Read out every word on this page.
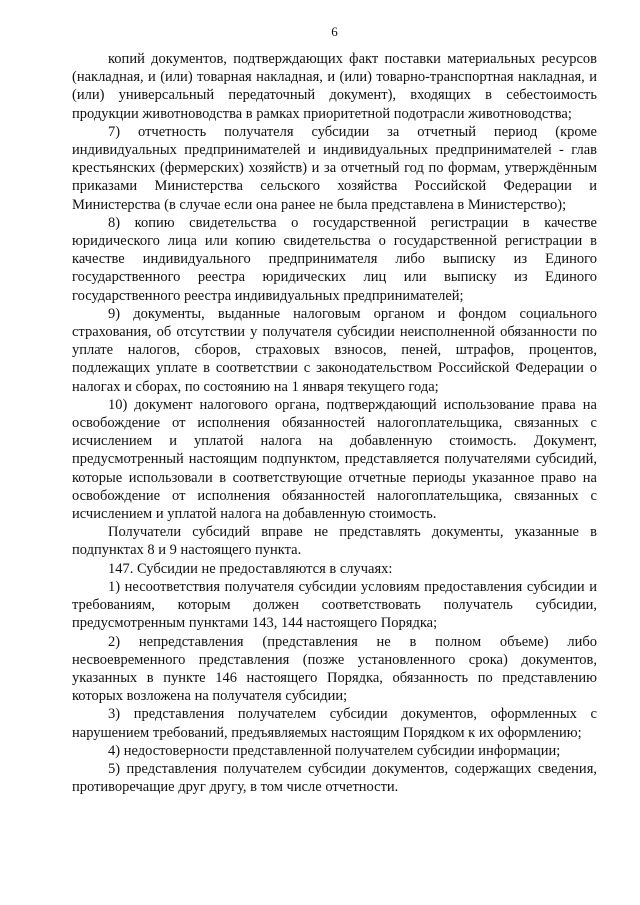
6

копий документов, подтверждающих факт поставки материальных ресурсов (накладная, и (или) товарная накладная, и (или) товарно-транспортная накладная, и (или) универсальный передаточный документ), входящих в себестоимость продукции животноводства в рамках приоритетной подотрасли животноводства;

7) отчетность получателя субсидии за отчетный период (кроме индивидуальных предпринимателей и индивидуальных предпринимателей - глав крестьянских (фермерских) хозяйств) и за отчетный год по формам, утверждённым приказами Министерства сельского хозяйства Российской Федерации и Министерства (в случае если она ранее не была представлена в Министерство);

8) копию свидетельства о государственной регистрации в качестве юридического лица или копию свидетельства о государственной регистрации в качестве индивидуального предпринимателя либо выписку из Единого государственного реестра юридических лиц или выписку из Единого государственного реестра индивидуальных предпринимателей;

9) документы, выданные налоговым органом и фондом социального страхования, об отсутствии у получателя субсидии неисполненной обязанности по уплате налогов, сборов, страховых взносов, пеней, штрафов, процентов, подлежащих уплате в соответствии с законодательством Российской Федерации о налогах и сборах, по состоянию на 1 января текущего года;

10) документ налогового органа, подтверждающий использование права на освобождение от исполнения обязанностей налогоплательщика, связанных с исчислением и уплатой налога на добавленную стоимость. Документ, предусмотренный настоящим подпунктом, представляется получателями субсидий, которые использовали в соответствующие отчетные периоды указанное право на освобождение от исполнения обязанностей налогоплательщика, связанных с исчислением и уплатой налога на добавленную стоимость.

Получатели субсидий вправе не представлять документы, указанные в подпунктах 8 и 9 настоящего пункта.

147. Субсидии не предоставляются в случаях:

1) несоответствия получателя субсидии условиям предоставления субсидии и требованиям, которым должен соответствовать получатель субсидии, предусмотренным пунктами 143, 144 настоящего Порядка;

2) непредставления (представления не в полном объеме) либо несвоевременного представления (позже установленного срока) документов, указанных в пункте 146 настоящего Порядка, обязанность по представлению которых возложена на получателя субсидии;

3) представления получателем субсидии документов, оформленных с нарушением требований, предъявляемых настоящим Порядком к их оформлению;

4) недостоверности представленной получателем субсидии информации;

5) представления получателем субсидии документов, содержащих сведения, противоречащие друг другу, в том числе отчетности.
